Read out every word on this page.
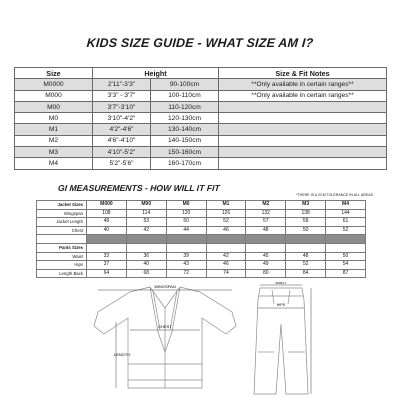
KIDS SIZE GUIDE - WHAT SIZE AM I?
Size	Height		Size & Fit Notes
M0000	2'11"-3'3"	90-100cm	**Only available in certain ranges**
M000	3'3" - 3'7"	100-110cm	**Only available in certain ranges**
M00	3'7"-3'10"	110-120cm	
M0	3'10"-4'2"	120-130cm	
M1	4'2"-4'6"	130-140cm	
M2	4'6"-4'10"	140-150cm	
M3	4'10"-5'2"	150-160cm	
M4	5'2"-5'6"	160-170cm	
GI MEASUREMENTS - HOW WILL IT FIT
*THERE IS A 2CM TOLERANCE IN ALL AREAS
Jacket Sizes	M000	M00	M0	M1	M2	M3	M4
Wingspan	108	114	120	126	132	138	144
Jacket Length	48	53	50	52	57	59	61
Chest	40	42	44	46	48	50	52

Pants Sizes							
Waist	33	36	39	42	45	48	50
Hips	37	40	43	46	49	52	54
Length Back	64	68	72	74	80	84	87
WINGSPAN
CHEST
LENGTH
WAIST
HIPS
